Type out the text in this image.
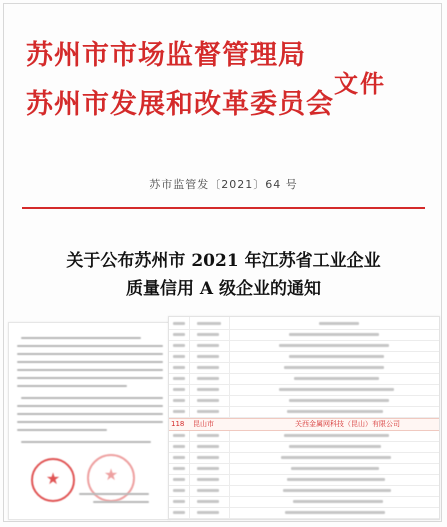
苏州市市场监督管理局
苏州市发展和改革委员会
文件
苏市监管发〔2021〕64 号
关于公布苏州市 2021 年江苏省工业企业
质量信用 A 级企业的通知
★	★
118 昆山市	关西金属网科技（昆山）有限公司
